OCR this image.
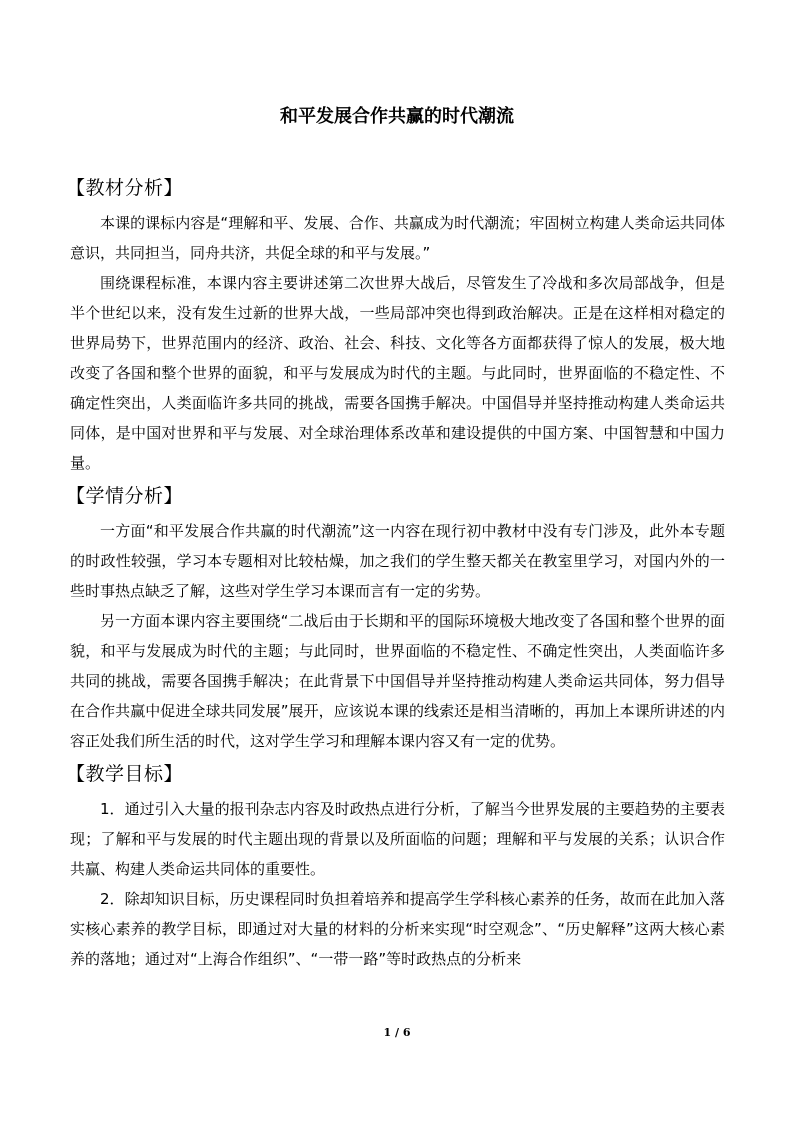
和平发展合作共赢的时代潮流
【教材分析】

本课的课标内容是“理解和平、发展、合作、共赢成为时代潮流；牢固树立构建人类命运共同体意识，共同担当，同舟共济，共促全球的和平与发展。”

围绕课程标准，本课内容主要讲述第二次世界大战后，尽管发生了冷战和多次局部战争，但是半个世纪以来，没有发生过新的世界大战，一些局部冲突也得到政治解决。正是在这样相对稳定的世界局势下，世界范围内的经济、政治、社会、科技、文化等各方面都获得了惊人的发展，极大地改变了各国和整个世界的面貌，和平与发展成为时代的主题。与此同时，世界面临的不稳定性、不确定性突出，人类面临许多共同的挑战，需要各国携手解决。中国倡导并坚持推动构建人类命运共同体，是中国对世界和平与发展、对全球治理体系改革和建设提供的中国方案、中国智慧和中国力量。

【学情分析】

一方面“和平发展合作共赢的时代潮流”这一内容在现行初中教材中没有专门涉及，此外本专题的时政性较强，学习本专题相对比较枯燥，加之我们的学生整天都关在教室里学习，对国内外的一些时事热点缺乏了解，这些对学生学习本课而言有一定的劣势。

另一方面本课内容主要围绕“二战后由于长期和平的国际环境极大地改变了各国和整个世界的面貌，和平与发展成为时代的主题；与此同时，世界面临的不稳定性、不确定性突出，人类面临许多共同的挑战，需要各国携手解决；在此背景下中国倡导并坚持推动构建人类命运共同体，努力倡导在合作共赢中促进全球共同发展”展开，应该说本课的线索还是相当清晰的，再加上本课所讲述的内容正处我们所生活的时代，这对学生学习和理解本课内容又有一定的优势。

【教学目标】

1．通过引入大量的报刊杂志内容及时政热点进行分析，了解当今世界发展的主要趋势的主要表现；了解和平与发展的时代主题出现的背景以及所面临的问题；理解和平与发展的关系；认识合作共赢、构建人类命运共同体的重要性。

2．除却知识目标，历史课程同时负担着培养和提高学生学科核心素养的任务，故而在此加入落实核心素养的教学目标，即通过对大量的材料的分析来实现“时空观念”、“历史解释”这两大核心素养的落地；通过对“上海合作组织”、“一带一路”等时政热点的分析来

1 / 6
